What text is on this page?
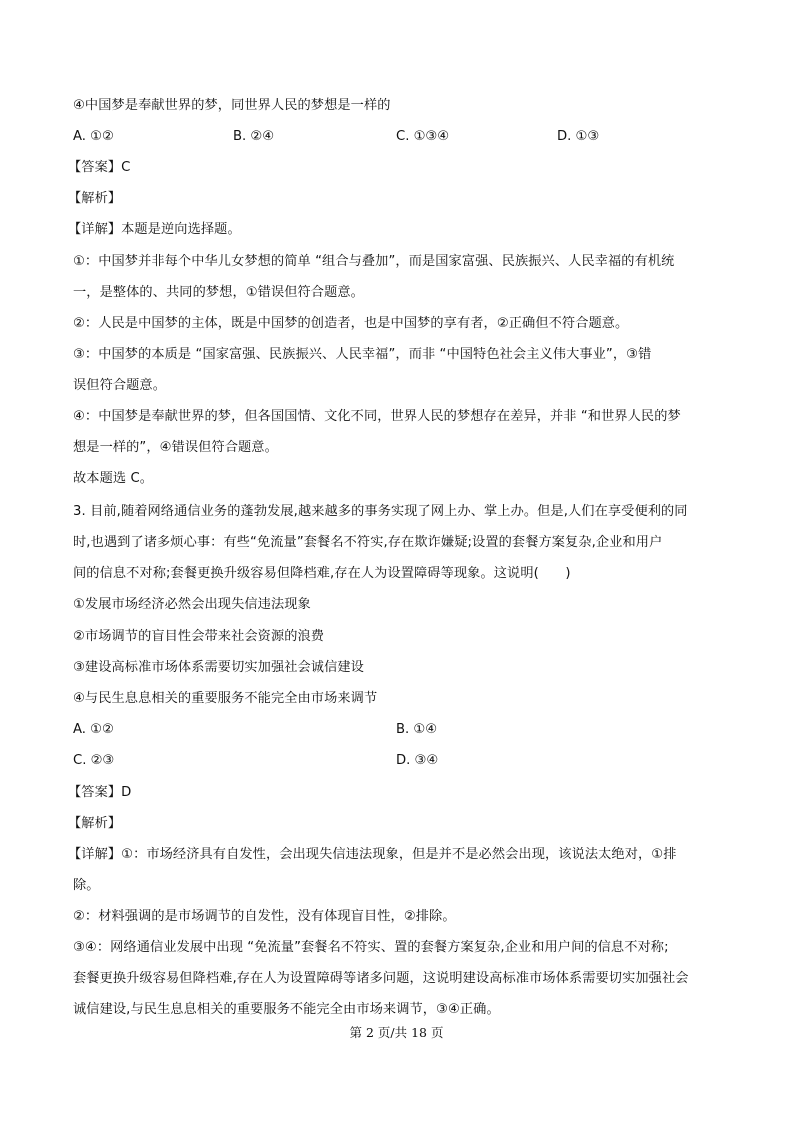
④中国梦是奉献世界的梦，同世界人民的梦想是一样的
A. ①②	B. ②④	C. ①③④	D. ①③
【答案】C
【解析】
【详解】本题是逆向选择题。
①：中国梦并非每个中华儿女梦想的简单 “组合与叠加”，而是国家富强、民族振兴、人民幸福的有机统
一，是整体的、共同的梦想，①错误但符合题意。
②：人民是中国梦的主体，既是中国梦的创造者，也是中国梦的享有者，②正确但不符合题意。
③：中国梦的本质是 “国家富强、民族振兴、人民幸福”，而非 “中国特色社会主义伟大事业”，③错
误但符合题意。
④：中国梦是奉献世界的梦，但各国国情、文化不同，世界人民的梦想存在差异，并非 “和世界人民的梦
想是一样的”，④错误但符合题意。
故本题选 C。
3. 目前,随着网络通信业务的蓬勃发展,越来越多的事务实现了网上办、掌上办。但是,人们在享受便利的同
时,也遇到了诸多烦心事：有些“免流量”套餐名不符实,存在欺诈嫌疑;设置的套餐方案复杂,企业和用户
间的信息不对称;套餐更换升级容易但降档难,存在人为设置障碍等现象。这说明(　　)
①发展市场经济必然会出现失信违法现象
②市场调节的盲目性会带来社会资源的浪费
③建设高标准市场体系需要切实加强社会诚信建设
④与民生息息相关的重要服务不能完全由市场来调节
A. ①②	B. ①④
C. ②③	D. ③④
【答案】D
【解析】
【详解】①：市场经济具有自发性，会出现失信违法现象，但是并不是必然会出现，该说法太绝对，①排
除。
②：材料强调的是市场调节的自发性，没有体现盲目性，②排除。
③④：网络通信业发展中出现 “免流量”套餐名不符实、置的套餐方案复杂,企业和用户间的信息不对称;
套餐更换升级容易但降档难,存在人为设置障碍等诸多问题，这说明建设高标准市场体系需要切实加强社会
诚信建设,与民生息息相关的重要服务不能完全由市场来调节，③④正确。
第 2 页/共 18 页
